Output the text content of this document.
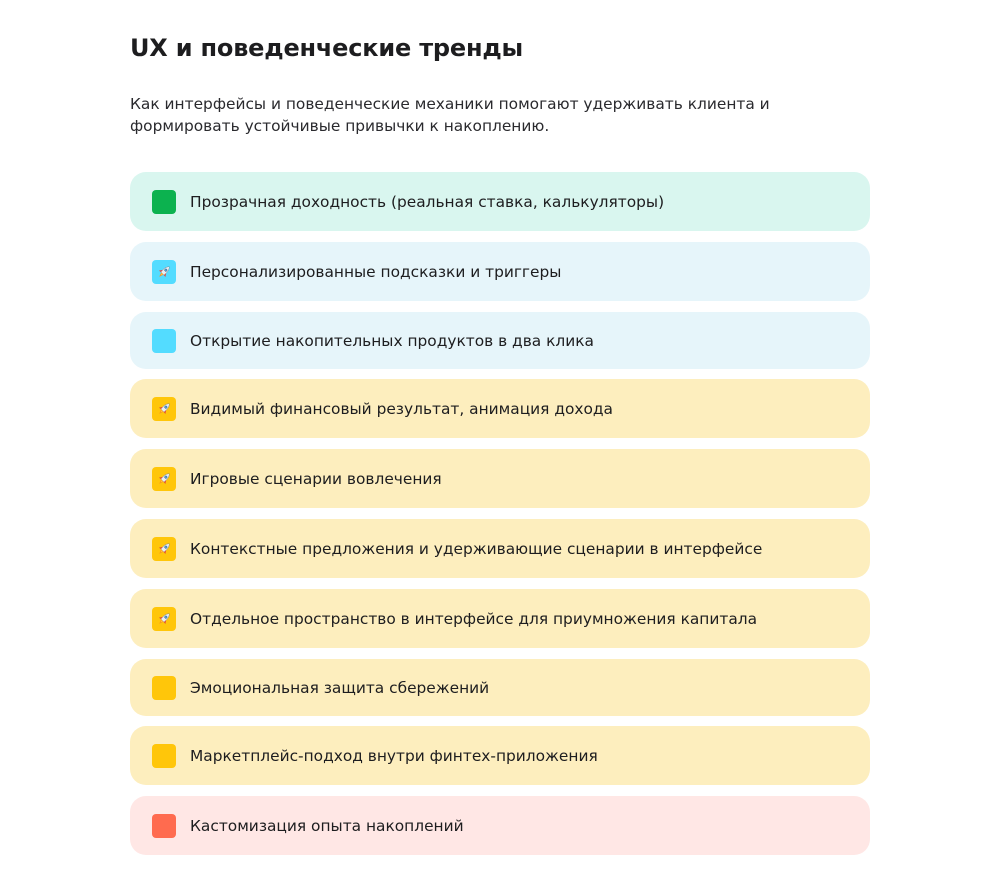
UX и поведенческие тренды
Как интерфейсы и поведенческие механики помогают удерживать клиента и формировать устойчивые привычки к накоплению.
Прозрачная доходность (реальная ставка, калькуляторы)
Персонализированные подсказки и триггеры
Открытие накопительных продуктов в два клика
Видимый финансовый результат, анимация дохода
Игровые сценарии вовлечения
Контекстные предложения и удерживающие сценарии в интерфейсе
Отдельное пространство в интерфейсе для приумножения капитала
Эмоциональная защита сбережений
Маркетплейс-подход внутри финтех-приложения
Кастомизация опыта накоплений
